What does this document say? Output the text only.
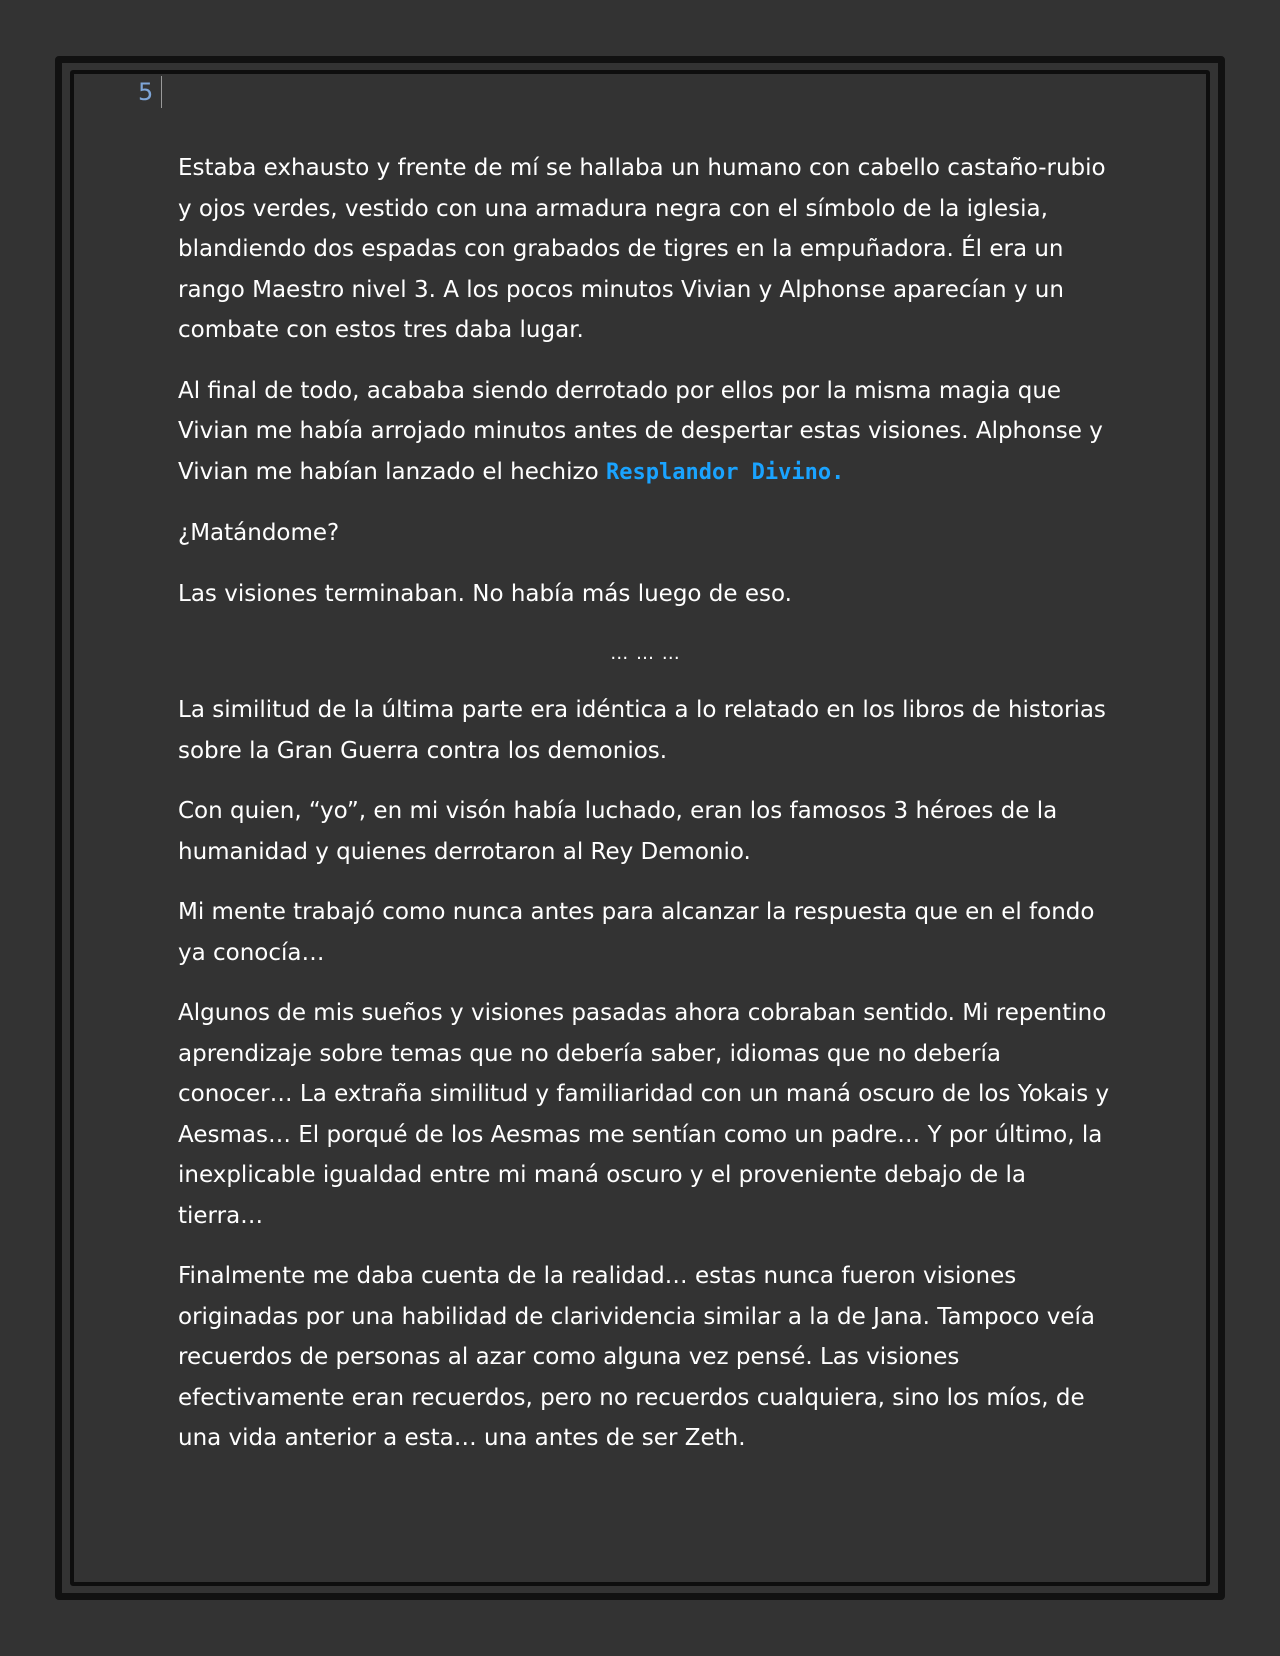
5

Estaba exhausto y frente de mí se hallaba un humano con cabello castaño-rubio y ojos verdes, vestido con una armadura negra con el símbolo de la iglesia, blandiendo dos espadas con grabados de tigres en la empuñadora. Él era un rango Maestro nivel 3. A los pocos minutos Vivian y Alphonse aparecían y un combate con estos tres daba lugar.

Al final de todo, acababa siendo derrotado por ellos por la misma magia que Vivian me había arrojado minutos antes de despertar estas visiones. Alphonse y Vivian me habían lanzado el hechizo Resplandor Divino.

¿Matándome?

Las visiones terminaban. No había más luego de eso.

… … …

La similitud de la última parte era idéntica a lo relatado en los libros de historias sobre la Gran Guerra contra los demonios.

Con quien, “yo”, en mi visón había luchado, eran los famosos 3 héroes de la humanidad y quienes derrotaron al Rey Demonio.

Mi mente trabajó como nunca antes para alcanzar la respuesta que en el fondo ya conocía…

Algunos de mis sueños y visiones pasadas ahora cobraban sentido. Mi repentino aprendizaje sobre temas que no debería saber, idiomas que no debería conocer… La extraña similitud y familiaridad con un maná oscuro de los Yokais y Aesmas… El porqué de los Aesmas me sentían como un padre… Y por último, la inexplicable igualdad entre mi maná oscuro y el proveniente debajo de la tierra…

Finalmente me daba cuenta de la realidad… estas nunca fueron visiones originadas por una habilidad de clarividencia similar a la de Jana. Tampoco veía recuerdos de personas al azar como alguna vez pensé. Las visiones efectivamente eran recuerdos, pero no recuerdos cualquiera, sino los míos, de una vida anterior a esta… una antes de ser Zeth.
